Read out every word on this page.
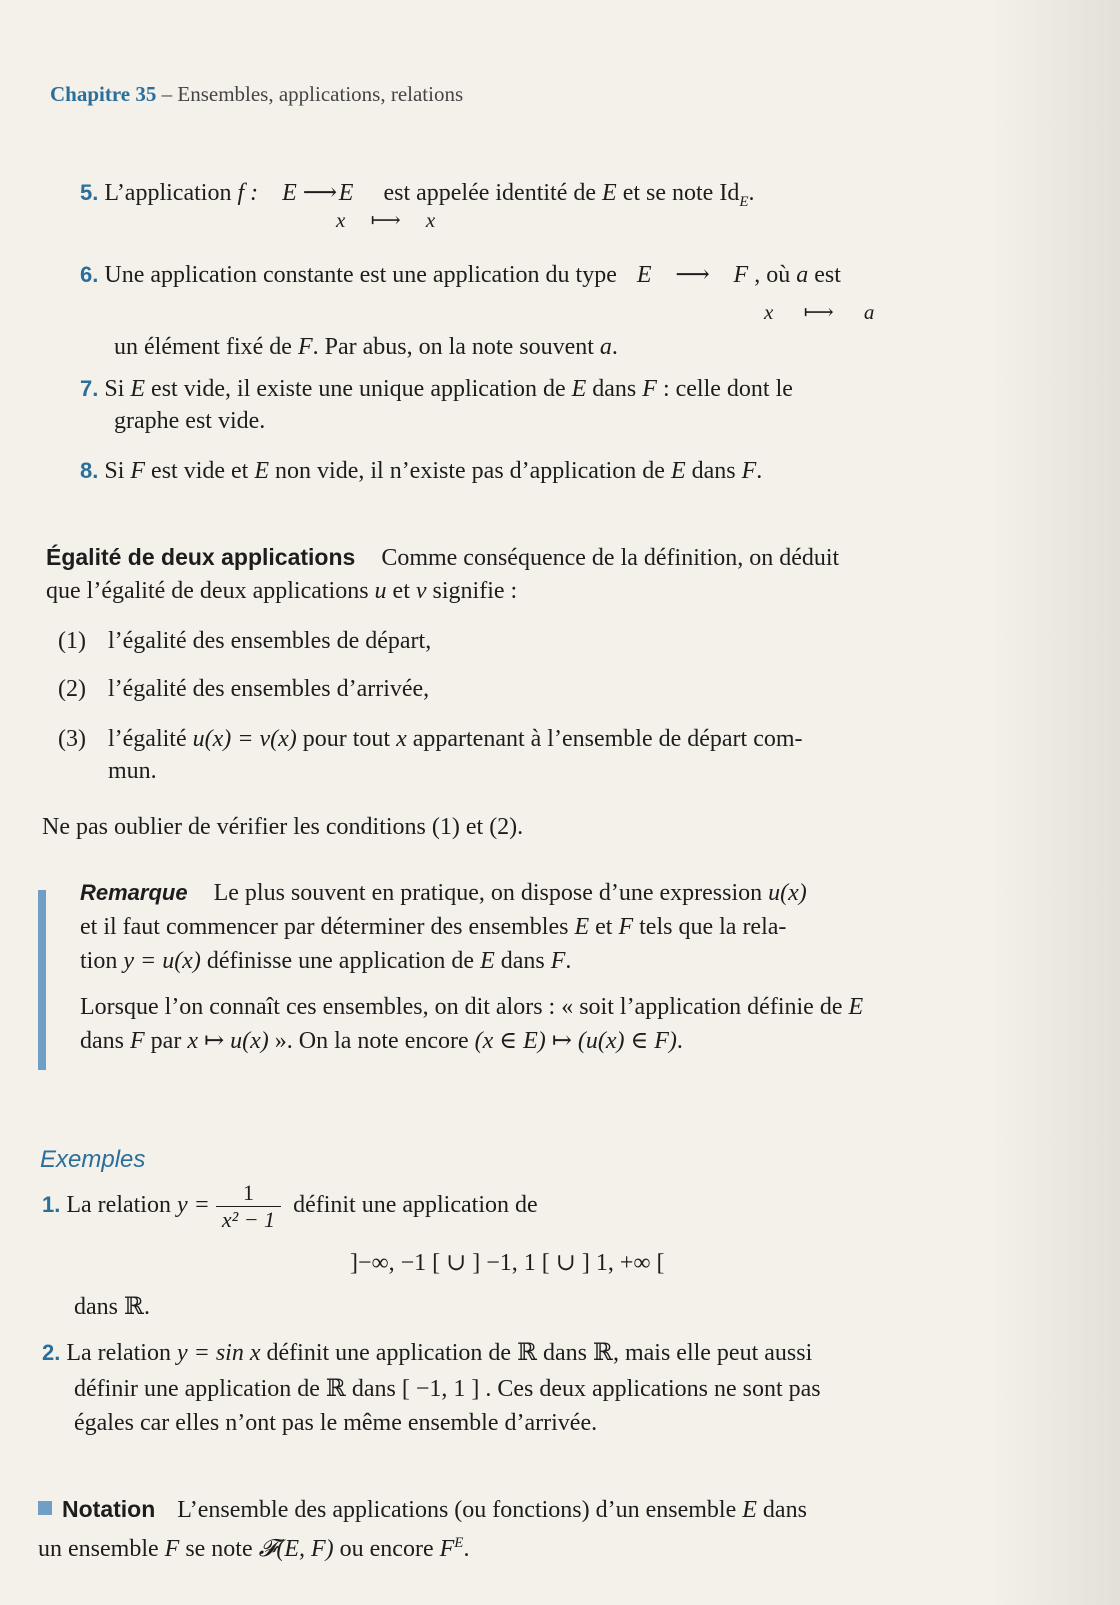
Chapitre 35 – Ensembles, applications, relations
5. L’application f : E ⟶ E est appelée identité de E et se note $Id_E$.
x ⟼ x
6. Une application constante est une application du type E ⟶ F , où a est
x ⟼ a
un élément fixé de F. Par abus, on la note souvent a.
7. Si E est vide, il existe une unique application de E dans F : celle dont le
graphe est vide.
8. Si F est vide et E non vide, il n’existe pas d’application de E dans F.
Égalité de deux applications Comme conséquence de la définition, on déduit
que l’égalité de deux applications u et v signifie :
(1) l’égalité des ensembles de départ,
(2) l’égalité des ensembles d’arrivée,
(3) l’égalité u(x) = v(x) pour tout x appartenant à l’ensemble de départ com-
mun.
Ne pas oublier de vérifier les conditions (1) et (2).
Remarque Le plus souvent en pratique, on dispose d’une expression u(x)
et il faut commencer par déterminer des ensembles E et F tels que la rela-
tion y = u(x) définisse une application de E dans F.
Lorsque l’on connaît ces ensembles, on dit alors : « soit l’application définie de E
dans F par x ↦ u(x) ». On la note encore (x ∈ E) ↦ (u(x) ∈ F).
Exemples
1. La relation $y = \frac{1}{\text{x² − 1}}$ définit une application de
]−∞, −1 [ ∪ ] −1, 1 [ ∪ ] 1, +∞ [
dans ℝ.
2. La relation y = sin x définit une application de ℝ dans ℝ, mais elle peut aussi
définir une application de ℝ dans [ −1, 1 ] . Ces deux applications ne sont pas
égales car elles n’ont pas le même ensemble d’arrivée.
Notation L’ensemble des applications (ou fonctions) d’un ensemble E dans
un ensemble F se note 𝓕(E, F) ou encore $F^E$.
